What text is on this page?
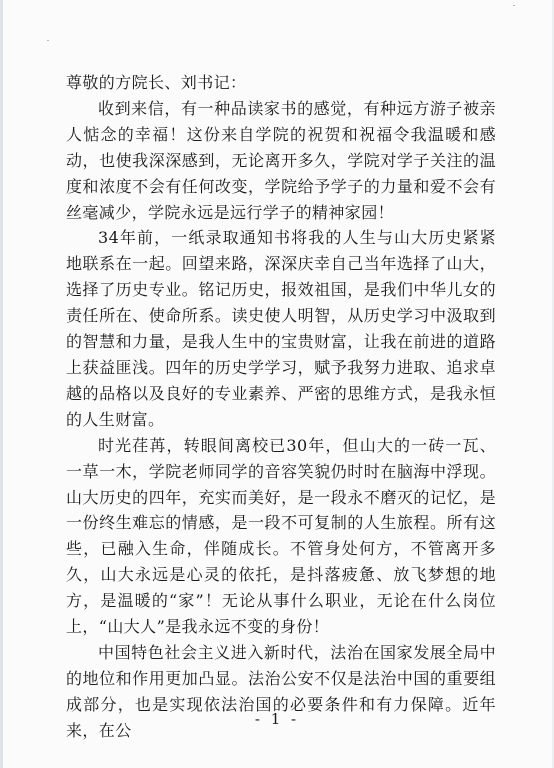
尊敬的方院长、刘书记：

收到来信，有一种品读家书的感觉，有种远方游子被亲人惦念的幸福！这份来自学院的祝贺和祝福令我温暖和感动，也使我深深感到，无论离开多久，学院对学子关注的温度和浓度不会有任何改变，学院给予学子的力量和爱不会有丝毫减少，学院永远是远行学子的精神家园！

34年前，一纸录取通知书将我的人生与山大历史紧紧地联系在一起。回望来路，深深庆幸自己当年选择了山大，选择了历史专业。铭记历史，报效祖国，是我们中华儿女的责任所在、使命所系。读史使人明智，从历史学习中汲取到的智慧和力量，是我人生中的宝贵财富，让我在前进的道路上获益匪浅。四年的历史学学习，赋予我努力进取、追求卓越的品格以及良好的专业素养、严密的思维方式，是我永恒的人生财富。

时光荏苒，转眼间离校已30年，但山大的一砖一瓦、一草一木，学院老师同学的音容笑貌仍时时在脑海中浮现。山大历史的四年，充实而美好，是一段永不磨灭的记忆，是一份终生难忘的情感，是一段不可复制的人生旅程。所有这些，已融入生命，伴随成长。不管身处何方，不管离开多久，山大永远是心灵的依托，是抖落疲惫、放飞梦想的地方，是温暖的“家”！无论从事什么职业，无论在什么岗位上，“山大人”是我永远不变的身份！

中国特色社会主义进入新时代，法治在国家发展全局中的地位和作用更加凸显。法治公安不仅是法治中国的重要组成部分，也是实现依法治国的必要条件和有力保障。近年来，在公

- 1 -
